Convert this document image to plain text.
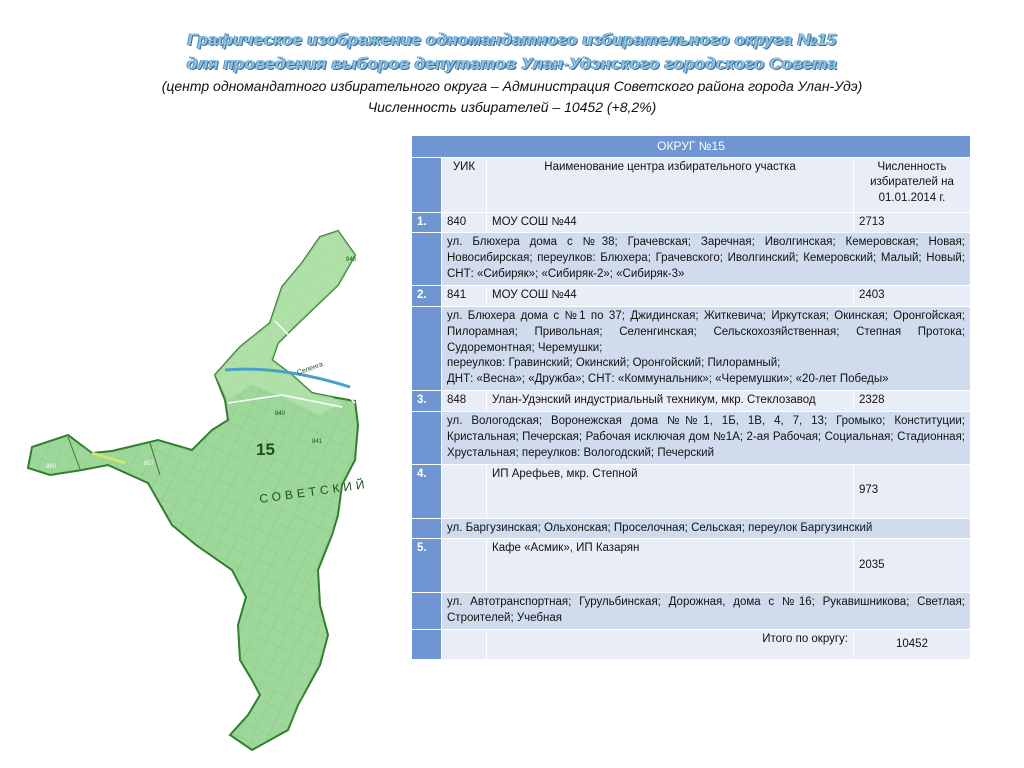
Графическое изображение одномандатного избирательного округа №15
для проведения выборов депутатов Улан-Удэнского городского Совета
(центр одномандатного избирательного округа – Администрация Советского района города Улан-Удэ)
Численность избирателей – 10452 (+8,2%)
Селенга
15
СОВЕТСКИЙ
848
840
841
860	857
ОКРУГ №15			
	УИК	Наименование центра избирательного участка	Численность избирателей на 01.01.2014 г.
1.	840	МОУ СОШ №44	2713
	ул. Блюхера дома с №38; Грачевская; Заречная; Иволгинская; Кемеровская; Новая; Новосибирская; переулков: Блюхера; Грачевского; Иволгинский; Кемеровский; Малый; Новый; СНТ: «Сибиряк»; «Сибиряк-2»; «Сибиряк-3»		
2.	841	МОУ СОШ №44	2403

	ул. Блюхера дома с №1 по 37; Джидинская; Житкевича; Иркутская; Окинская; Оронгойская; Пилорамная; Привольная; Селенгинская; Сельскохозяйственная; Степная Протока; Судоремонтная; Черемушки;
переулков: Гравинский; Окинский; Оронгойский; Пилорамный;
ДНТ: «Весна»; «Дружба»; СНТ: «Коммунальник»; «Черемушки»; «20-лет Победы»		

3.	848	Улан-Удэнский индустриальный техникум, мкр. Стеклозавод	2328
	ул. Вологодская; Воронежская дома №№1, 1Б, 1В, 4, 7, 13; Громыко; Конституции; Кристальная; Печерская; Рабочая исключая дом №1А; 2-ая Рабочая; Социальная; Стадионная; Хрустальная; переулков: Вологодский; Печерский		
4.		ИП Арефьев, мкр. Степной	973
	ул. Баргузинская; Ольхонская; Проселочная; Сельская; переулок Баргузинский		
5.		Кафе «Асмик», ИП Казарян	2035
	ул. Автотранспортная; Гурульбинская; Дорожная, дома с №16; Рукавишникова; Светлая; Строителей; Учебная		
		Итого по округу:	10452
